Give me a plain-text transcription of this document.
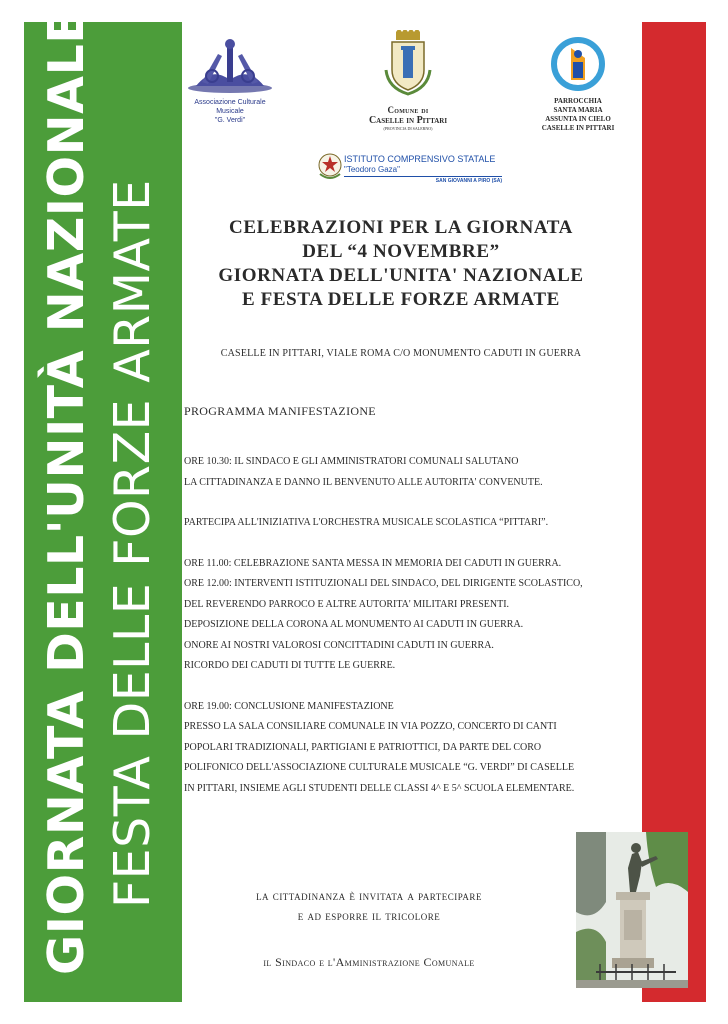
GIORNATA DELL'UNITÀ NAZIONALE FESTA DELLE FORZE ARMATE
Associazione Culturale Musicale
"G. Verdi"
Comune di
Caselle in Pittari
(PROVINCIA DI SALERNO)
PARROCCHIA
SANTA MARIA
ASSUNTA IN CIELO
CASELLE IN PITTARI
ISTITUTO COMPRENSIVO STATALE
"Teodoro Gaza"
SAN GIOVANNI A PIRO (SA)
CELEBRAZIONI PER LA GIORNATA
DEL “4 NOVEMBRE”
GIORNATA DELL'UNITA' NAZIONALE
E FESTA DELLE FORZE ARMATE
CASELLE IN PITTARI, VIALE ROMA C/O MONUMENTO CADUTI IN GUERRA
PROGRAMMA MANIFESTAZIONE
ORE 10.30: IL SINDACO E GLI AMMINISTRATORI COMUNALI SALUTANO
LA CITTADINANZA E DANNO IL BENVENUTO ALLE AUTORITA' CONVENUTE.
PARTECIPA ALL'INIZIATIVA L'ORCHESTRA MUSICALE SCOLASTICA “PITTARI”.
ORE 11.00: CELEBRAZIONE SANTA MESSA IN MEMORIA DEI CADUTI IN GUERRA.
ORE 12.00: INTERVENTI ISTITUZIONALI DEL SINDACO, DEL DIRIGENTE SCOLASTICO,
DEL REVERENDO PARROCO E ALTRE AUTORITA' MILITARI PRESENTI.
DEPOSIZIONE DELLA CORONA AL MONUMENTO AI CADUTI IN GUERRA.
ONORE AI NOSTRI VALOROSI CONCITTADINI CADUTI IN GUERRA.
RICORDO DEI CADUTI DI TUTTE LE GUERRE.
ORE 19.00: CONCLUSIONE MANIFESTAZIONE
PRESSO LA SALA CONSILIARE COMUNALE IN VIA POZZO, CONCERTO DI CANTI
POPOLARI TRADIZIONALI, PARTIGIANI E PATRIOTTICI, DA PARTE DEL CORO
POLIFONICO DELL'ASSOCIAZIONE CULTURALE MUSICALE “G. VERDI” DI CASELLE
IN PITTARI, INSIEME AGLI STUDENTI DELLE CLASSI 4^ E 5^ SCUOLA ELEMENTARE.
la cittadinanza è invitata a partecipare
e ad esporre il tricolore
il Sindaco e l'Amministrazione Comunale
